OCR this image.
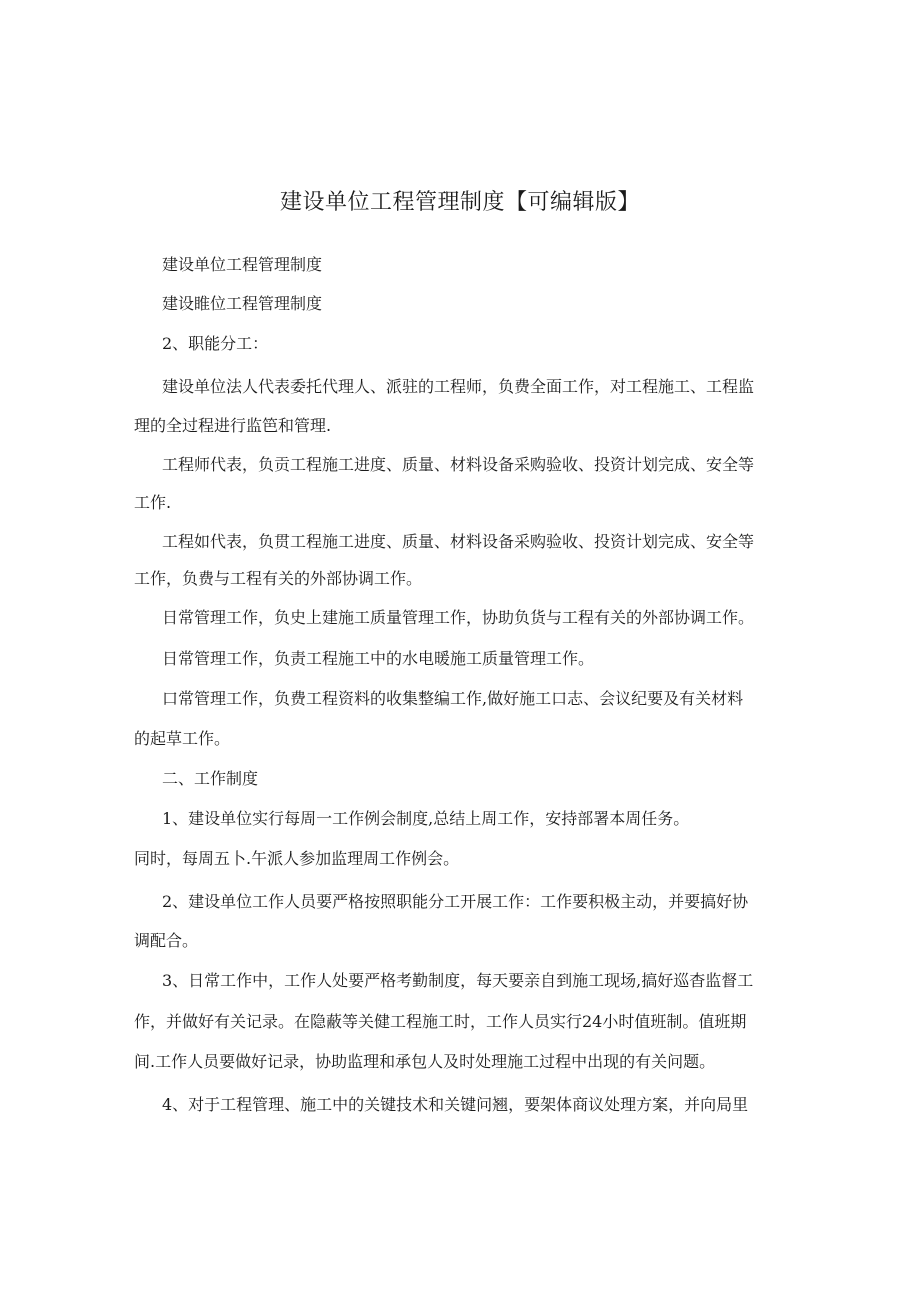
建设单位工程管理制度【可编辑版】
建设单位工程管理制度
建设睢位工程管理制度
2、职能分工：
建设单位法人代表委托代理人、派驻的工程师，负费全面工作，对工程施工、工程监
理的全过程进行监笆和管理.
工程师代表，负贡工程施工进度、质量、材料设备采购验收、投资计划完成、安全等
工作.
工程如代表，负贯工程施工进度、质量、材料设备采购验收、投资计划完成、安全等
工作，负费与工程有关的外部协调工作。
日常管理工作，负史上建施工质量管理工作，协助负货与工程有关的外部协调工作。
日常管理工作，负责工程施工中的水电暖施工质量管理工作。
口常管理工作，负费工程资料的收集整编工作,做好施工口志、会议纪要及有关材料
的起草工作。
二、工作制度
1、建设单位实行每周一工作例会制度,总结上周工作，安持部署本周任务。
同时，每周五卜.午派人参加监理周工作例会。
2、建设单位工作人员要严格按照职能分工开展工作：工作要积极主动，并要搞好协
调配合。
3、日常工作中，工作人处要严格考勤制度，每天要亲自到施工现场,搞好巡杳监督工
作，并做好有关记录。在隐蔽等关健工程施工时，工作人员实行24小时值班制。值班期
间.工作人员要做好记录，协助监理和承包人及时处理施工过程中出现的有关问题。
4、对于工程管理、施工中的关键技术和关键问翘，要架体商议处理方案，并向局里
